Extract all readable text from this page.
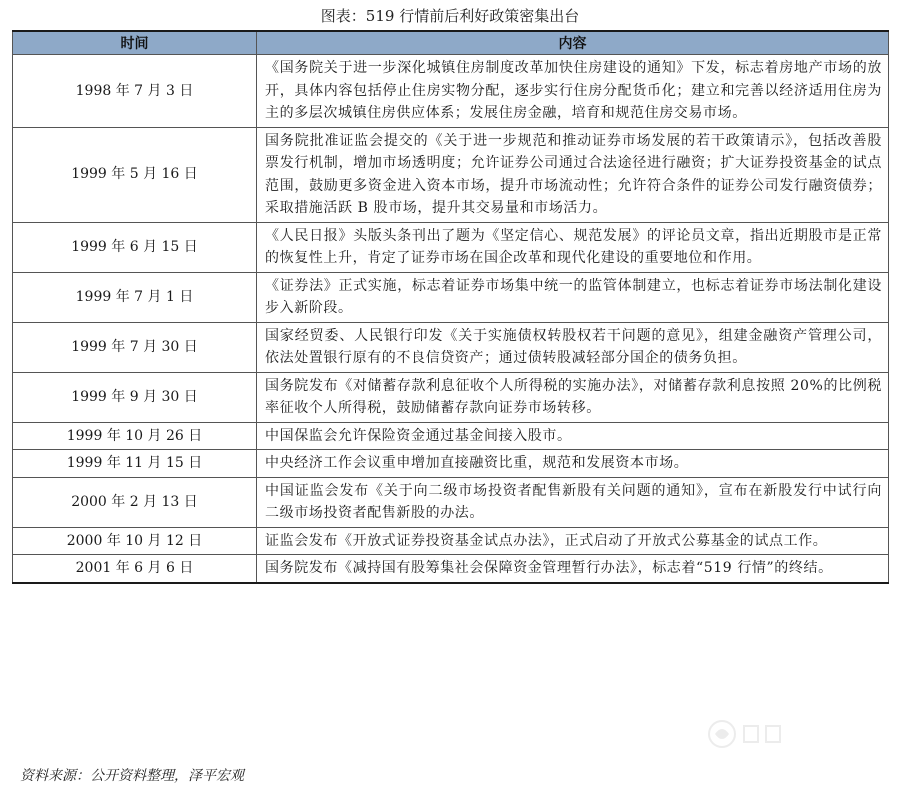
图表：519 行情前后利好政策密集出台
时间	内容
1998 年 7 月 3 日	《国务院关于进一步深化城镇住房制度改革加快住房建设的通知》下发，标志着房地产市场的放开，具体内容包括停止住房实物分配，逐步实行住房分配货币化；建立和完善以经济适用住房为主的多层次城镇住房供应体系；发展住房金融，培育和规范住房交易市场。
1999 年 5 月 16 日	国务院批准证监会提交的《关于进一步规范和推动证券市场发展的若干政策请示》，包括改善股票发行机制，增加市场透明度；允许证券公司通过合法途径进行融资；扩大证券投资基金的试点范围，鼓励更多资金进入资本市场，提升市场流动性；允许符合条件的证券公司发行融资债券；采取措施活跃 B 股市场，提升其交易量和市场活力。
1999 年 6 月 15 日	《人民日报》头版头条刊出了题为《坚定信心、规范发展》的评论员文章，指出近期股市是正常的恢复性上升，肯定了证券市场在国企改革和现代化建设的重要地位和作用。
1999 年 7 月 1 日	《证券法》正式实施，标志着证券市场集中统一的监管体制建立，也标志着证券市场法制化建设步入新阶段。
1999 年 7 月 30 日	国家经贸委、人民银行印发《关于实施债权转股权若干问题的意见》，组建金融资产管理公司，依法处置银行原有的不良信贷资产；通过债转股减轻部分国企的债务负担。
1999 年 9 月 30 日	国务院发布《对储蓄存款利息征收个人所得税的实施办法》，对储蓄存款利息按照 20%的比例税率征收个人所得税，鼓励储蓄存款向证券市场转移。
1999 年 10 月 26 日	中国保监会允许保险资金通过基金间接入股市。
1999 年 11 月 15 日	中央经济工作会议重申增加直接融资比重，规范和发展资本市场。
2000 年 2 月 13 日	中国证监会发布《关于向二级市场投资者配售新股有关问题的通知》，宣布在新股发行中试行向二级市场投资者配售新股的办法。
2000 年 10 月 12 日	证监会发布《开放式证券投资基金试点办法》，正式启动了开放式公募基金的试点工作。
2001 年 6 月 6 日	国务院发布《减持国有股筹集社会保障资金管理暂行办法》，标志着“519 行情”的终结。
资料来源：公开资料整理，泽平宏观
